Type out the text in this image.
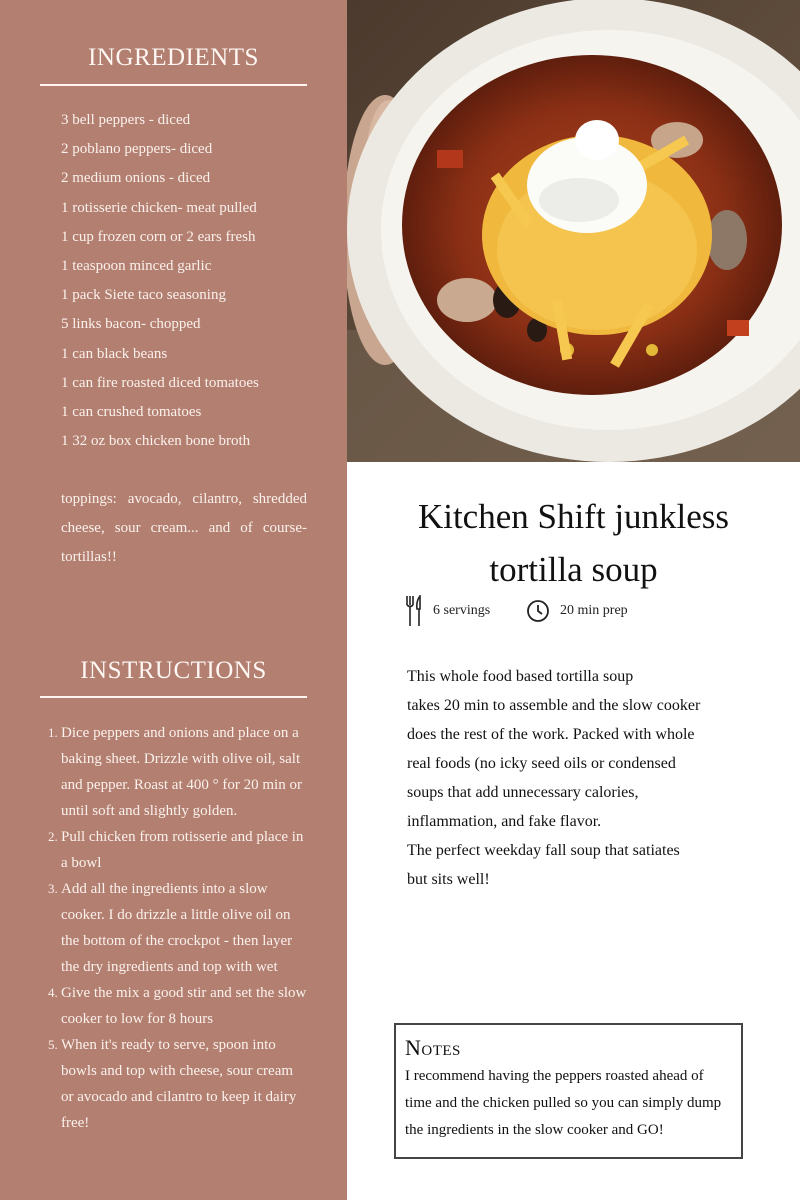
INGREDIENTS
3 bell peppers - diced
2 poblano peppers- diced
2 medium onions - diced
1 rotisserie chicken- meat pulled
1 cup frozen corn or 2 ears fresh
1 teaspoon minced garlic
1 pack Siete taco seasoning
5 links bacon- chopped
1 can black beans
1 can fire roasted diced tomatoes
1 can crushed tomatoes
1 32 oz box chicken bone broth

toppings: avocado, cilantro, shredded cheese, sour cream... and of course- tortillas!!

INSTRUCTIONS
1. Dice peppers and onions and place on a baking sheet. Drizzle with olive oil, salt and pepper. Roast at 400 ° for 20 min or until soft and slightly golden.
2. Pull chicken from rotisserie and place in a bowl
3. Add all the ingredients into a slow cooker. I do drizzle a little olive oil on the bottom of the crockpot - then layer the dry ingredients and top with wet
4. Give the mix a good stir and set the slow cooker to low for 8 hours
5. When it's ready to serve, spoon into bowls and top with cheese, sour cream or avocado and cilantro to keep it dairy free!
Kitchen Shift junkless
tortilla soup
6 servings	20 min prep

This whole food based tortilla soup
takes 20 min to assemble and the slow cooker
does the rest of the work. Packed with whole
real foods (no icky seed oils or condensed
soups that add unnecessary calories,
inflammation, and fake flavor.
The perfect weekday fall soup that satiates
but sits well!

Notes
I recommend having the peppers roasted ahead of time and the chicken pulled so you can simply dump the ingredients in the slow cooker and GO!
